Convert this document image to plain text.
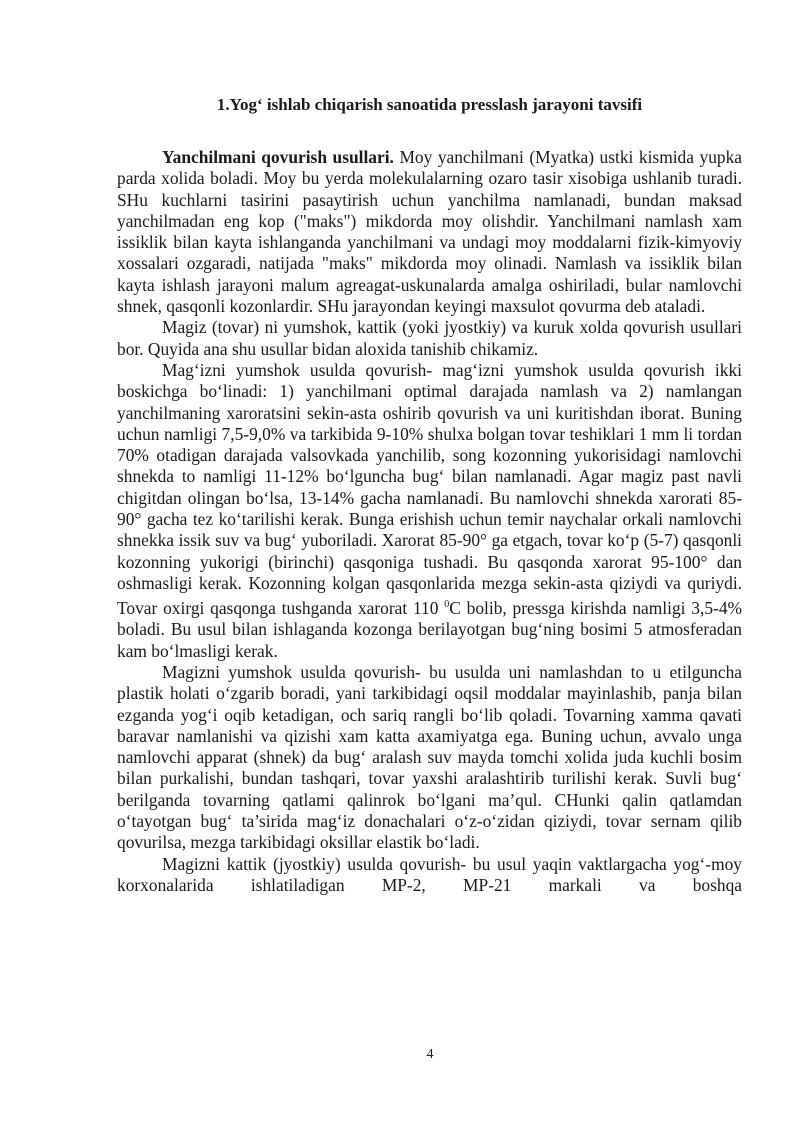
1.Yog‘ ishlab chiqarish sanoatida presslash jarayoni tavsifi

Yanchilmani qovurish usullari. Moy yanchilmani (Myatka) ustki kismida yupka parda xolida boladi. Moy bu yerda molekulalarning ozaro tasir xisobiga ushlanib turadi. SHu kuchlarni tasirini pasaytirish uchun yanchilma namlanadi, bundan maksad yanchilmadan eng kop ("maks") mikdorda moy olishdir. Yanchilmani namlash xam issiklik bilan kayta ishlanganda yanchilmani va undagi moy moddalarni fizik-kimyoviy xossalari ozgaradi, natijada "maks" mikdorda moy olinadi. Namlash va issiklik bilan kayta ishlash jarayoni malum agreagat-uskunalarda amalga oshiriladi, bular namlovchi shnek, qasqonli kozonlardir. SHu jarayondan keyingi maxsulot qovurma deb ataladi.

Magiz (tovar) ni yumshok, kattik (yoki jyostkiy) va kuruk xolda qovurish usullari bor. Quyida ana shu usullar bidan aloxida tanishib chikamiz.

Mag‘izni yumshok usulda qovurish- mag‘izni yumshok usulda qovurish ikki boskichga bo‘linadi: 1) yanchilmani optimal darajada namlash va 2) namlangan yanchilmaning xaroratsini sekin-asta oshirib qovurish va uni kuritishdan iborat. Buning uchun namligi 7,5-9,0% va tarkibida 9-10% shulxa bolgan tovar teshiklari 1 mm li tordan 70% otadigan darajada valsovkada yanchilib, song kozonning yukorisidagi namlovchi shnekda to namligi 11-12% bo‘lguncha bug‘ bilan namlanadi. Agar magiz past navli chigitdan olingan bo‘lsa, 13-14% gacha namlanadi. Bu namlovchi shnekda xarorati 85-90° gacha tez ko‘tarilishi kerak. Bunga erishish uchun temir naychalar orkali namlovchi shnekka issik suv va bug‘ yuboriladi. Xarorat 85-90° ga etgach, tovar ko‘p (5-7) qasqonli kozonning yukorigi (birinchi) qasqoniga tushadi. Bu qasqonda xarorat 95-100° dan oshmasligi kerak. Kozonning kolgan qasqonlarida mezga sekin-asta qiziydi va quriydi. Tovar oxirgi qasqonga tushganda xarorat 110 $^0$C bolib, pressga kirishda namligi 3,5-4% boladi. Bu usul bilan ishlaganda kozonga berilayotgan bug‘ning bosimi 5 atmosferadan kam bo‘lmasligi kerak.

Magizni yumshok usulda qovurish- bu usulda uni namlashdan to u etilguncha plastik holati o‘zgarib boradi, yani tarkibidagi oqsil moddalar mayinlashib, panja bilan ezganda yog‘i oqib ketadigan, och sariq rangli bo‘lib qoladi. Tovarning xamma qavati baravar namlanishi va qizishi xam katta axamiyatga ega. Buning uchun, avvalo unga namlovchi apparat (shnek) da bug‘ aralash suv mayda tomchi xolida juda kuchli bosim bilan purkalishi, bundan tashqari, tovar yaxshi aralashtirib turilishi kerak. Suvli bug‘ berilganda tovarning qatlami qalinrok bo‘lgani ma’qul. CHunki qalin qatlamdan o‘tayotgan bug‘ ta’sirida mag‘iz donachalari o‘z-o‘zidan qiziydi, tovar sernam qilib qovurilsa, mezga tarkibidagi oksillar elastik bo‘ladi.

Magizni kattik (jyostkiy) usulda qovurish- bu usul yaqin vaktlargacha yog‘-moy korxonalarida ishlatiladigan MP-2, MP-21 markali va boshqa

4
